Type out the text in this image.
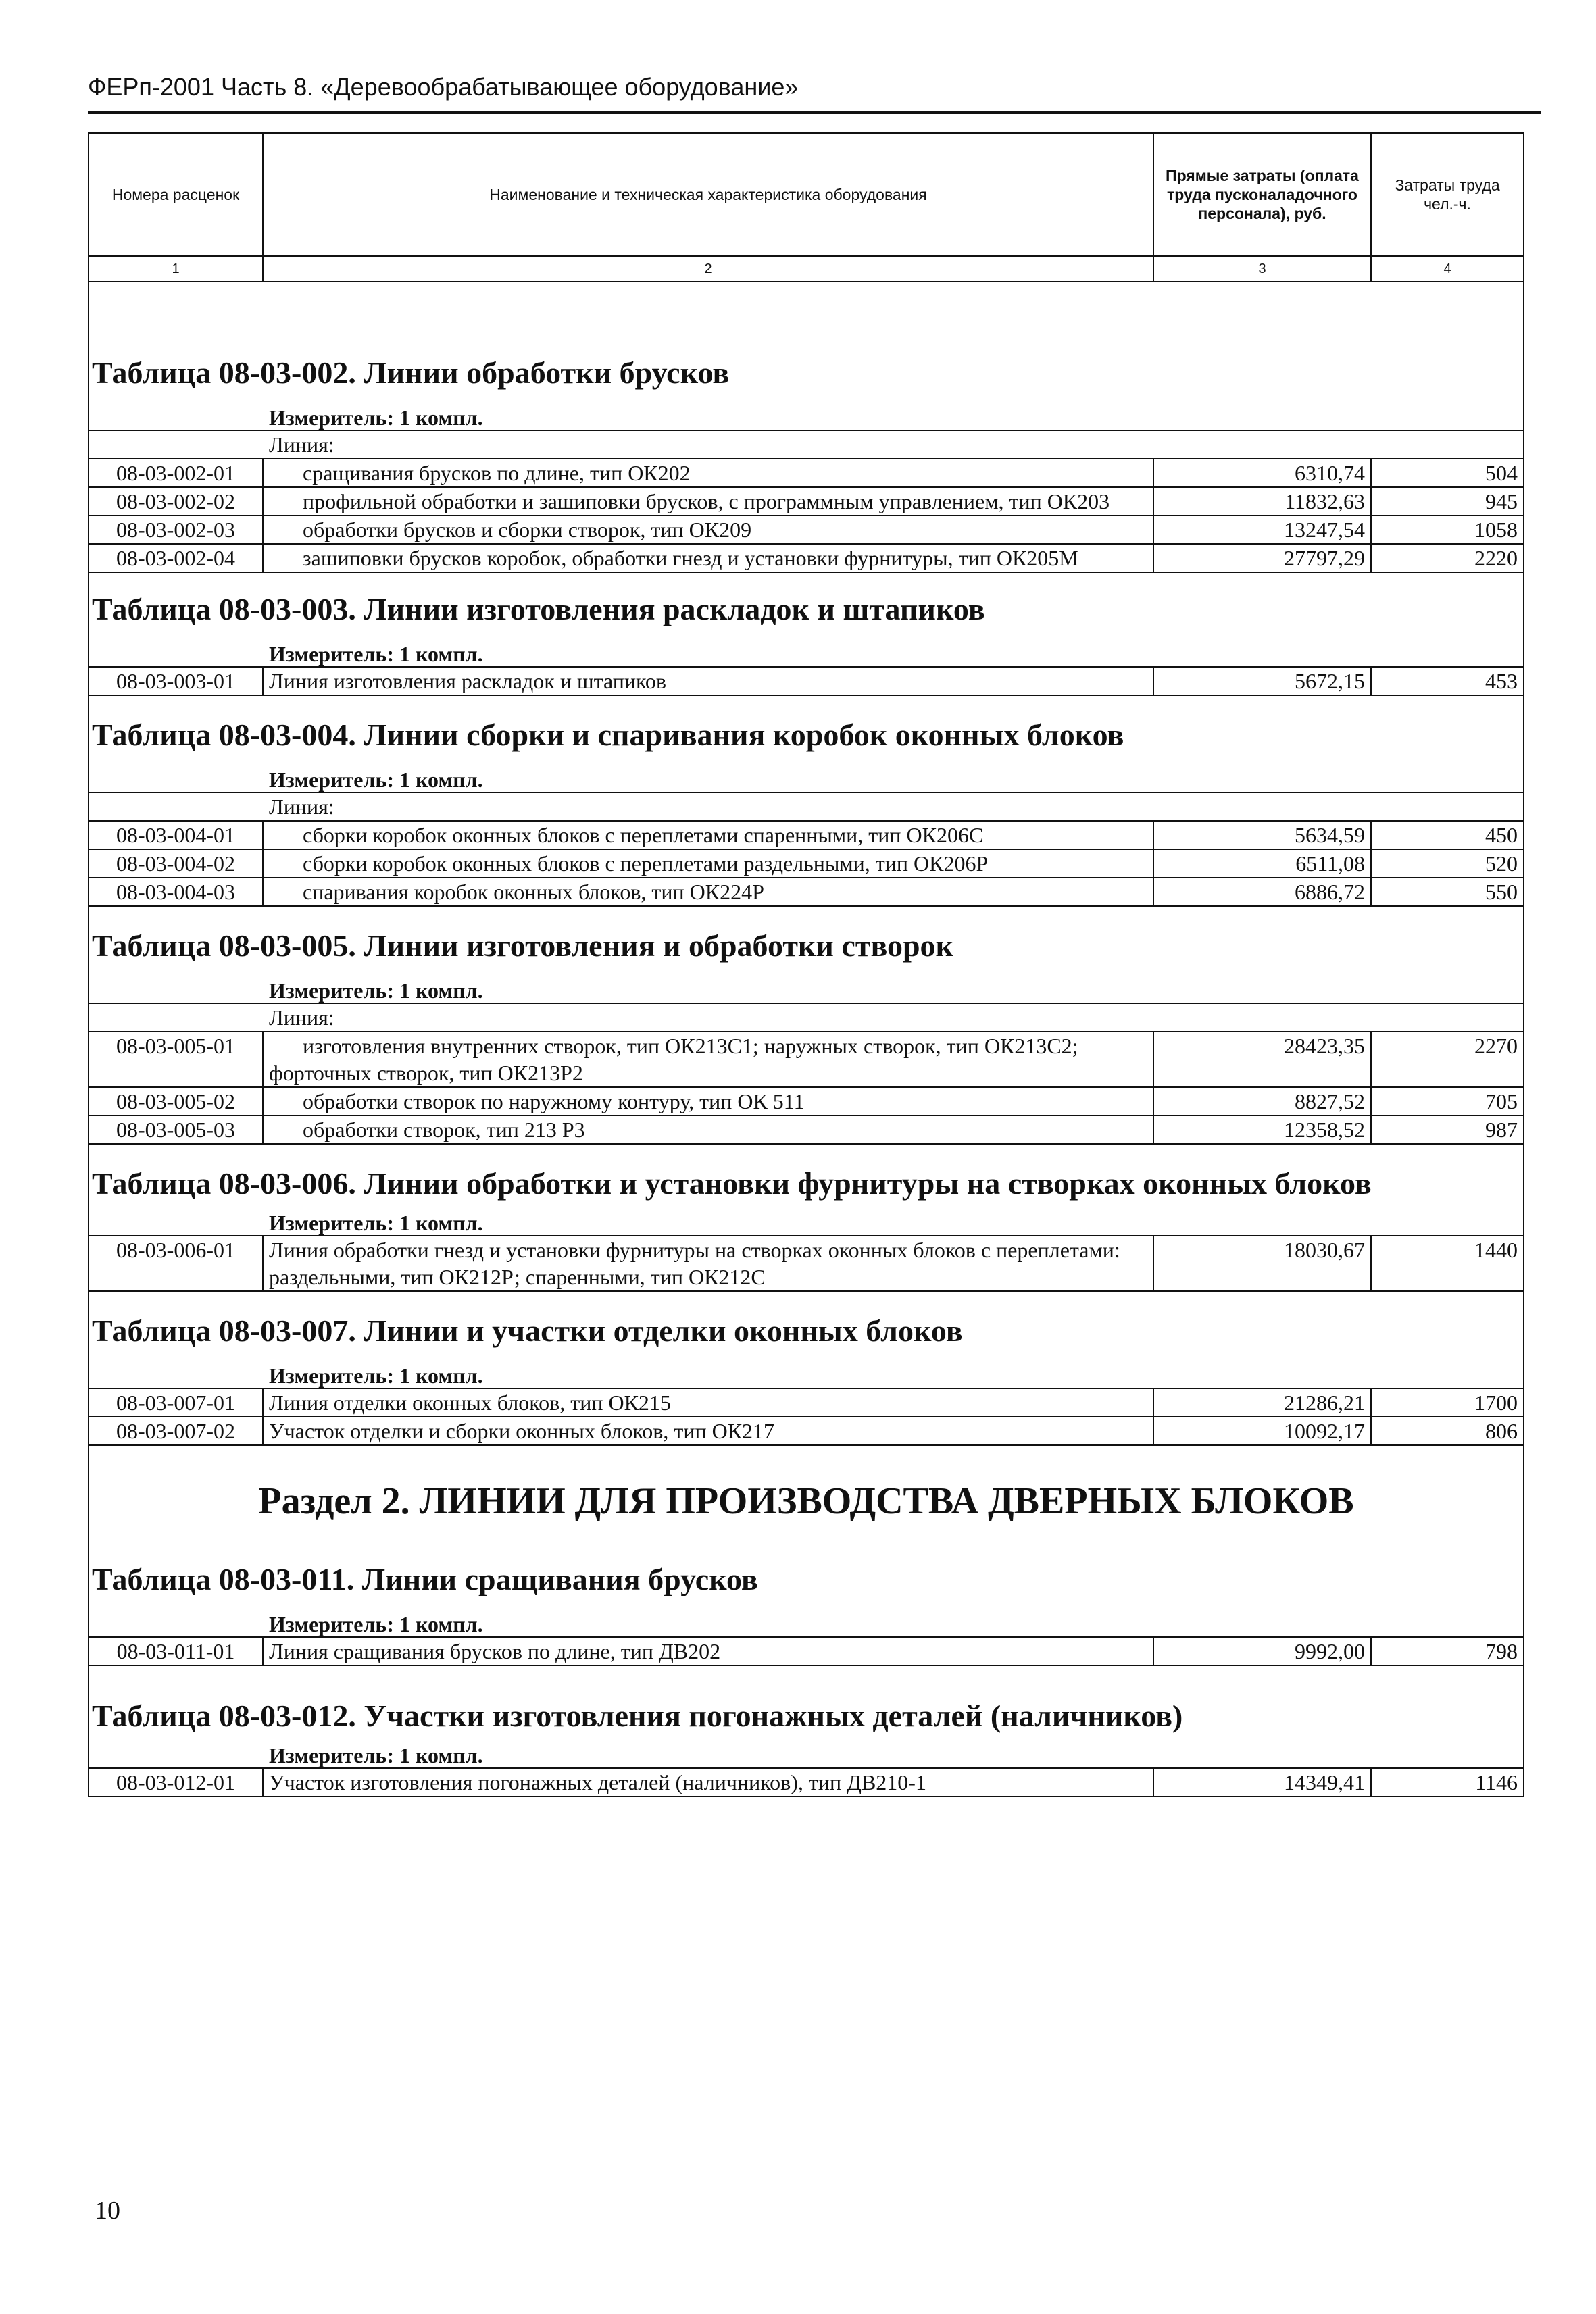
ФЕРп-2001 Часть 8. «Деревообрабатывающее оборудование»
Номера расценок	Наименование и техническая характеристика оборудования	Прямые затраты (оплата труда пусконаладочного персонала), руб.	Затраты труда чел.-ч.
1	2	3	4

Таблица 08-03-002. Линии обработки брусков			
Измеритель: 1 компл.			
Линия:			
08-03-002-01	сращивания брусков по длине, тип ОК202	6310,74	504
08-03-002-02	профильной обработки и зашиповки брусков, с программным управлением, тип ОК203	11832,63	945
08-03-002-03	обработки брусков и сборки створок, тип ОК209	13247,54	1058
08-03-002-04	зашиповки брусков коробок, обработки гнезд и установки фурнитуры, тип ОК205М	27797,29	2220
Таблица 08-03-003. Линии изготовления раскладок и штапиков			
Измеритель: 1 компл.			
08-03-003-01	Линия изготовления раскладок и штапиков	5672,15	453
Таблица 08-03-004. Линии сборки и спаривания коробок оконных блоков			
Измеритель: 1 компл.			
Линия:			
08-03-004-01	сборки коробок оконных блоков с переплетами спаренными, тип ОК206С	5634,59	450
08-03-004-02	сборки коробок оконных блоков с переплетами раздельными, тип ОК206Р	6511,08	520
08-03-004-03	спаривания коробок оконных блоков, тип ОК224Р	6886,72	550
Таблица 08-03-005. Линии изготовления и обработки створок			
Измеритель: 1 компл.			
Линия:			
08-03-005-01	изготовления внутренних створок, тип ОК213С1; наружных створок, тип ОК213С2; форточных створок, тип ОК213Р2	28423,35	2270
08-03-005-02	обработки створок по наружному контуру, тип ОК 511	8827,52	705
08-03-005-03	обработки створок, тип 213 Р3	12358,52	987
Таблица 08-03-006. Линии обработки и установки фурнитуры на створках оконных блоков			
Измеритель: 1 компл.			
08-03-006-01	Линия обработки гнезд и установки фурнитуры на створках оконных блоков с переплетами: раздельными, тип ОК212Р; спаренными, тип ОК212С	18030,67	1440
Таблица 08-03-007. Линии и участки отделки оконных блоков			
Измеритель: 1 компл.			
08-03-007-01	Линия отделки оконных блоков, тип ОК215	21286,21	1700
08-03-007-02	Участок отделки и сборки оконных блоков, тип ОК217	10092,17	806
Раздел 2. ЛИНИИ ДЛЯ ПРОИЗВОДСТВА ДВЕРНЫХ БЛОКОВ			
Таблица 08-03-011. Линии сращивания брусков			
Измеритель: 1 компл.			
08-03-011-01	Линия сращивания брусков по длине, тип ДВ202	9992,00	798
Таблица 08-03-012. Участки изготовления погонажных деталей (наличников)			
Измеритель: 1 компл.			
08-03-012-01	Участок изготовления погонажных деталей (наличников), тип ДВ210-1	14349,41	1146
10
